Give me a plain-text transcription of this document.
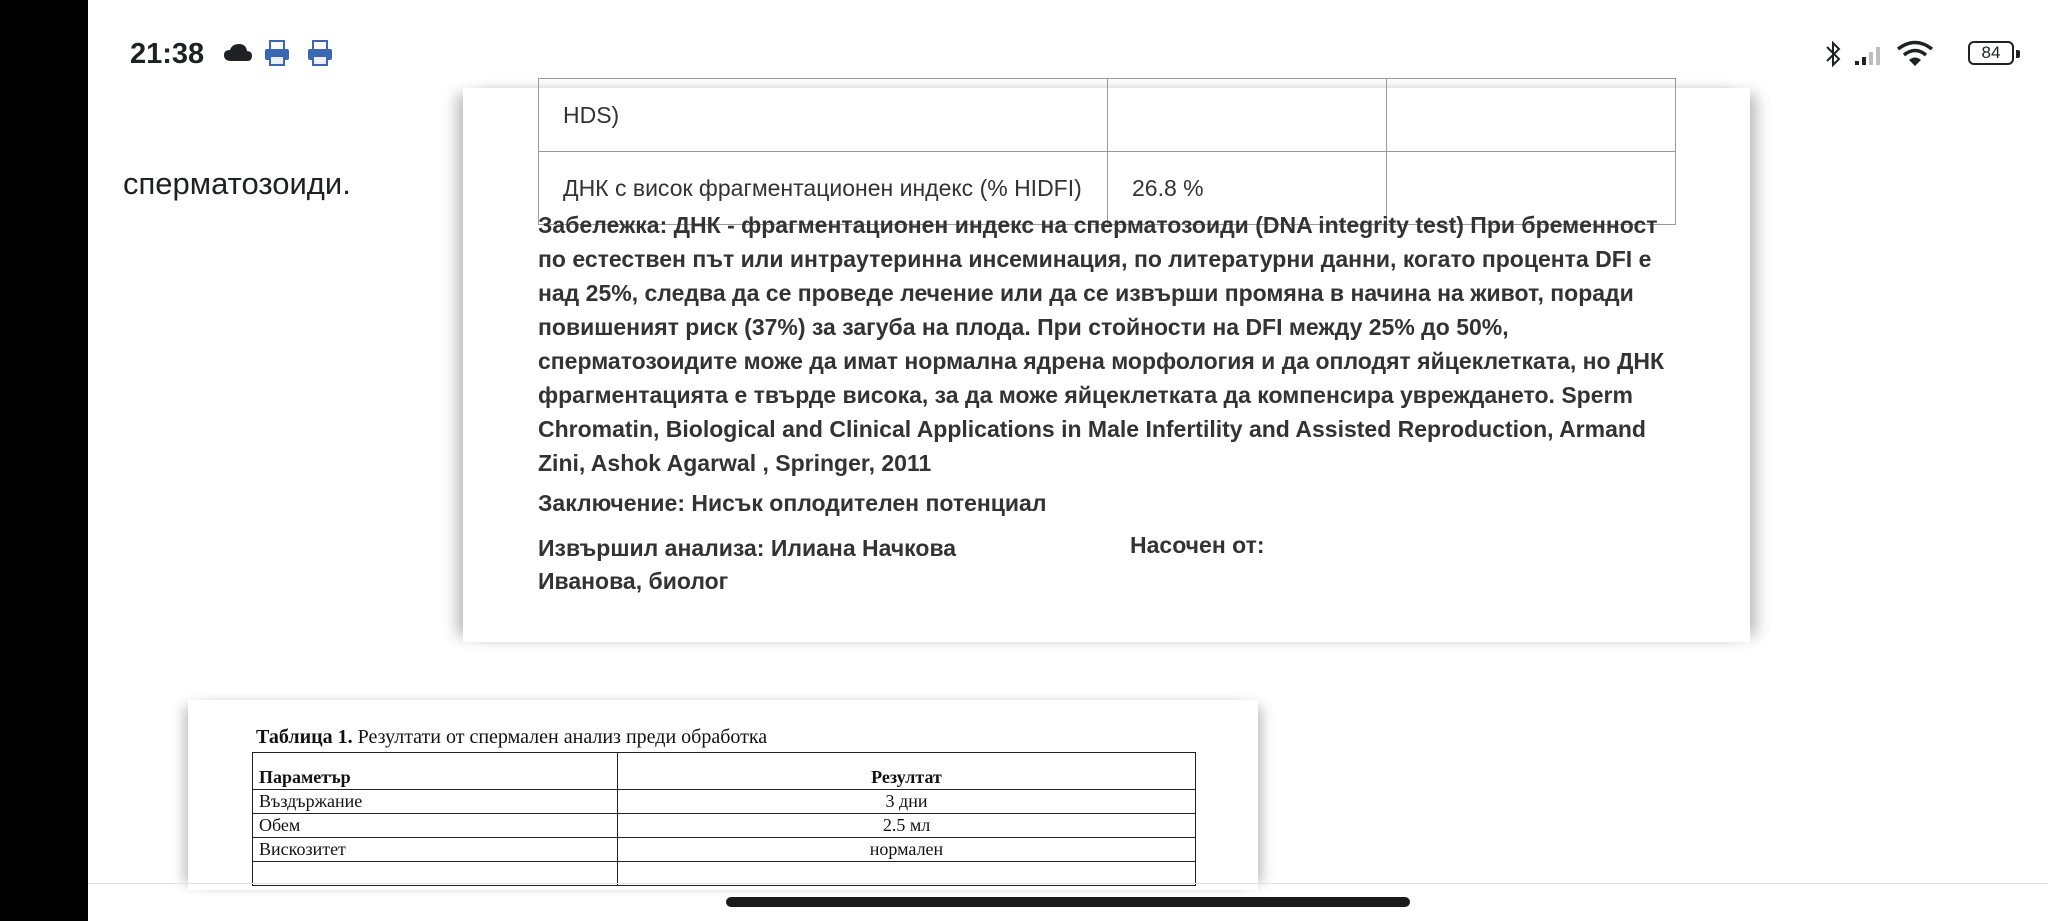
21:38	84
сперматозоиди.
HDS)		
ДНК с висок фрагментационен индекс (% HIDFI)	26.8 %	
Забележка: ДНК - фрагментационен индекс на сперматозоиди (DNA integrity test) При бременност по естествен път или интраутеринна инсеминация, по литературни данни, когато процента DFI е над 25%, следва да се проведе лечение или да се извърши промяна в начина на живот, поради повишеният риск (37%) за загуба на плода. При стойности на DFI между 25% до 50%, сперматозоидите може да имат нормална ядрена морфология и да оплодят яйцеклетката, но ДНК фрагментацията е твърде висока, за да може яйцеклетката да компенсира увреждането. Sperm Chromatin, Biological and Clinical Applications in Male Infertility and Assisted Reproduction, Armand Zini, Ashok Agarwal , Springer, 2011
Заключение: Нисък оплодителен потенциал
Извършил анализа: Илиана Начкова Иванова, биолог
Насочен от:
Таблица 1. Резултати от спермален анализ преди обработка
Параметър	Резултат
Въздържание	3 дни
Обем	2.5 мл
Вискозитет	нормален
